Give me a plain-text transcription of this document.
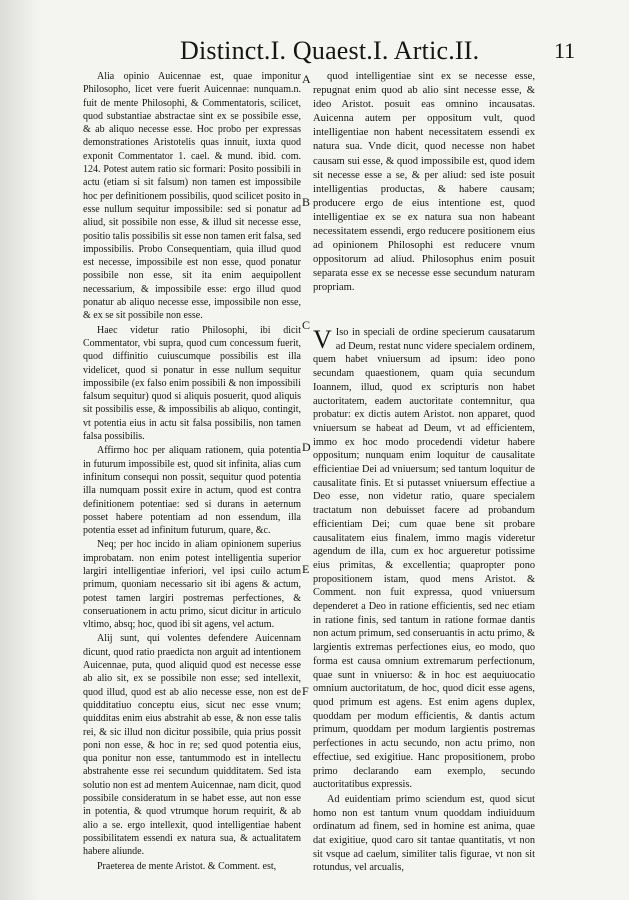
Distinct.I. Quaest.I. Artic.II.	11

Alia opinio Auicennae est, quae imponitur Philosopho, licet vere fuerit Auicennae: nunquam.n. fuit de mente Philosophi, & Commentatoris, scilicet, quod substantiae abstractae sint ex se possibile esse, & ab aliquo necesse esse. Hoc probo per expressas demonstrationes Aristotelis quas innuit, iuxta quod exponit Commentator 1. cael. & mund. ibid. com. 124. Potest autem ratio sic formari: Posito possibili in actu (etiam si sit falsum) non tamen est impossibile hoc per definitionem possibilis, quod scilicet posito in esse nullum sequitur impossibile: sed si ponatur ad aliud, sit possibile non esse, & illud sit necesse esse, positio talis possibilis sit esse non tamen erit falsa, sed impossibilis. Probo Consequentiam, quia illud quod est necesse, impossibile est non esse, quod ponatur possibile non esse, sit ita enim aequipollent necessarium, & impossibile esse: ergo illud quod ponatur ab aliquo necesse esse, impossibile non esse, & ex se sit possibile non esse.

Haec videtur ratio Philosophi, ibi dicit Commentator, vbi supra, quod cum concessum fuerit, quod diffinitio cuiuscumque possibilis est illa videlicet, quod si ponatur in esse nullum sequitur impossibile (ex falso enim possibili & non impossibili falsum sequitur) quod si aliquis posuerit, quod aliquis sit possibilis esse, & impossibilis ab aliquo, contingit, vt potentia eius in actu sit falsa possibilis, non tamen falsa possibilis.

Affirmo hoc per aliquam rationem, quia potentia in futurum impossibile est, quod sit infinita, alias cum infinitum consequi non possit, sequitur quod potentia illa numquam possit exire in actum, quod est contra definitionem potentiae: sed si durans in aeternum posset habere potentiam ad non essendum, illa potentia esset ad infinitum futurum, quare, &c.

Neq; per hoc incido in aliam opinionem superius improbatam. non enim potest intelligentia superior largiri intelligentiae inferiori, vel ipsi cuilo actum primum, quoniam necessario sit ibi agens & actum, potest tamen largiri postremas perfectiones, & conseruationem in actu primo, sicut dicitur in articulo vltimo, absq; hoc, quod ibi sit agens, vel actum.

Alij sunt, qui volentes defendere Auicennam dicunt, quod ratio praedicta non arguit ad intentionem Auicennae, puta, quod aliquid quod est necesse esse ab alio sit, ex se possibile non esse; sed intellexit, quod illud, quod est ab alio necesse esse, non est de quidditatiuo conceptu eius, sicut nec esse vnum; quidditas enim eius abstrahit ab esse, & non esse talis rei, & sic illud non dicitur possibile, quia prius possit poni non esse, & hoc in re; sed quod potentia eius, qua ponitur non esse, tantummodo est in intellectu abstrahente esse rei secundum quidditatem. Sed ista solutio non est ad mentem Auicennae, nam dicit, quod possibile consideratum in se habet esse, aut non esse in potentia, & quod vtrumque horum requirit, & ab alio a se. ergo intellexit, quod intelligentiae habent possibilitatem essendi ex natura sua, & actualitatem habere aliunde.

Praeterea de mente Aristot. & Comment. est,

quod intelligentiae sint ex se necesse esse, repugnat enim quod ab alio sint necesse esse, & ideo Aristot. posuit eas omnino incausatas. Auicenna autem per oppositum vult, quod intelligentiae non habent necessitatem essendi ex natura sua. Vnde dicit, quod necesse non habet causam sui esse, & quod impossibile est, quod idem sit necesse esse a se, & per aliud: sed iste posuit intelligentias productas, & habere causam; producere ergo de eius intentione est, quod intelligentiae ex se ex natura sua non habeant necessitatem essendi, ergo reducere positionem eius ad opinionem Philosophi est reducere vnum oppositorum ad aliud. Philosophus enim posuit separata esse ex se necesse esse secundum naturam propriam.

V Iso in speciali de ordine specierum causatarum ad Deum, restat nunc videre specialem ordinem, quem habet vniuersum ad ipsum: ideo pono secundam quaestionem, quam quia secundum Ioannem, illud, quod ex scripturis non habet auctoritatem, eadem auctoritate contemnitur, qua probatur: ex dictis autem Aristot. non apparet, quod vniuersum se habeat ad Deum, vt ad efficientem, immo ex hoc modo procedendi videtur habere oppositum; nunquam enim loquitur de causalitate efficientiae Dei ad vniuersum; sed tantum loquitur de causalitate finis. Et si putasset vniuersum effectiue a Deo esse, non videtur ratio, quare specialem tractatum non debuisset facere ad probandum efficientiam Dei; cum quae bene sit probare causalitatem eius finalem, immo magis videretur agendum de illa, cum ex hoc argueretur potissime eius primitas, & excellentia; quapropter pono propositionem istam, quod mens Aristot. & Comment. non fuit expressa, quod vniuersum dependeret a Deo in ratione efficientis, sed nec etiam in ratione finis, sed tantum in ratione formae dantis non actum primum, sed conseruantis in actu primo, & largientis extremas perfectiones eius, eo modo, quo forma est causa omnium extremarum perfectionum, quae sunt in vniuerso: & in hoc est aequiuocatio omnium auctoritatum, de hoc, quod dicit esse agens, quod primum est agens. Est enim agens duplex, quoddam per modum efficientis, & dantis actum primum, quoddam per modum largientis postremas perfectiones in actu secundo, non actu primo, non effectiue, sed exigitiue. Hanc propositionem, probo primo declarando eam exemplo, secundo auctoritatibus expressis.

Ad euidentiam primo sciendum est, quod sicut homo non est tantum vnum quoddam indiuiduum ordinatum ad finem, sed in homine est anima, quae dat exigitiue, quod caro sit tantae quantitatis, vt non sit vsque ad caelum, similiter talis figurae, vt non sit rotundus, vel arcualis,

A
B
C
D
E
F
